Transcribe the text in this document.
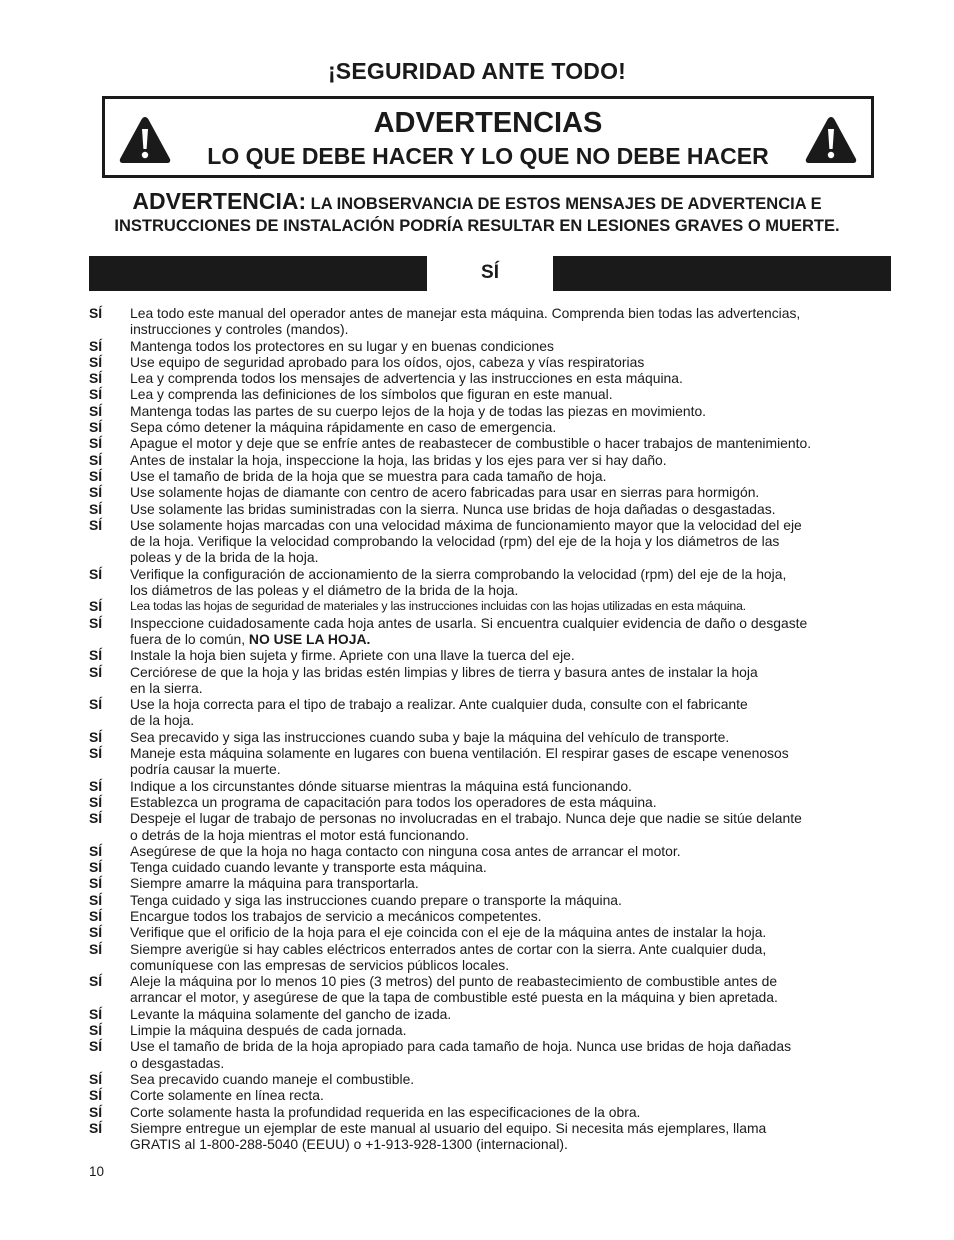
¡SEGURIDAD ANTE TODO!
ADVERTENCIAS
LO QUE DEBE HACER Y LO QUE NO DEBE HACER
ADVERTENCIA: LA INOBSERVANCIA DE ESTOS MENSAJES DE ADVERTENCIA E
INSTRUCCIONES DE INSTALACIÓN PODRÍA RESULTAR EN LESIONES GRAVES O MUERTE.
SÍ
SÍ	Lea todo este manual del operador antes de manejar esta máquina. Comprenda bien todas las advertencias,
instrucciones y controles (mandos).
SÍ	Mantenga todos los protectores en su lugar y en buenas condiciones
SÍ	Use equipo de seguridad aprobado para los oídos, ojos, cabeza y vías respiratorias
SÍ	Lea y comprenda todos los mensajes de advertencia y las instrucciones en esta máquina.
SÍ	Lea y comprenda las definiciones de los símbolos que figuran en este manual.
SÍ	Mantenga todas las partes de su cuerpo lejos de la hoja y de todas las piezas en movimiento.
SÍ	Sepa cómo detener la máquina rápidamente en caso de emergencia.
SÍ	Apague el motor y deje que se enfríe antes de reabastecer de combustible o hacer trabajos de mantenimiento.
SÍ	Antes de instalar la hoja, inspeccione la hoja, las bridas y los ejes para ver si hay daño.
SÍ	Use el tamaño de brida de la hoja que se muestra para cada tamaño de hoja.
SÍ	Use solamente hojas de diamante con centro de acero fabricadas para usar en sierras para hormigón.
SÍ	Use solamente las bridas suministradas con la sierra. Nunca use bridas de hoja dañadas o desgastadas.
SÍ	Use solamente hojas marcadas con una velocidad máxima de funcionamiento mayor que la velocidad del eje
de la hoja. Verifique la velocidad comprobando la velocidad (rpm) del eje de la hoja y los diámetros de las
poleas y de la brida de la hoja.
SÍ	Verifique la configuración de accionamiento de la sierra comprobando la velocidad (rpm) del eje de la hoja,
los diámetros de las poleas y el diámetro de la brida de la hoja.
SÍ	Lea todas las hojas de seguridad de materiales y las instrucciones incluidas con las hojas utilizadas en esta máquina.
SÍ	Inspeccione cuidadosamente cada hoja antes de usarla. Si encuentra cualquier evidencia de daño o desgaste
fuera de lo común, NO USE LA HOJA.
SÍ	Instale la hoja bien sujeta y firme. Apriete con una llave la tuerca del eje.
SÍ	Cerciórese de que la hoja y las bridas estén limpias y libres de tierra y basura antes de instalar la hoja
en la sierra.
SÍ	Use la hoja correcta para el tipo de trabajo a realizar. Ante cualquier duda, consulte con el fabricante
de la hoja.
SÍ	Sea precavido y siga las instrucciones cuando suba y baje la máquina del vehículo de transporte.
SÍ	Maneje esta máquina solamente en lugares con buena ventilación. El respirar gases de escape venenosos
podría causar la muerte.
SÍ	Indique a los circunstantes dónde situarse mientras la máquina está funcionando.
SÍ	Establezca un programa de capacitación para todos los operadores de esta máquina.
SÍ	Despeje el lugar de trabajo de personas no involucradas en el trabajo. Nunca deje que nadie se sitúe delante
o detrás de la hoja mientras el motor está funcionando.
SÍ	Asegúrese de que la hoja no haga contacto con ninguna cosa antes de arrancar el motor.
SÍ	Tenga cuidado cuando levante y transporte esta máquina.
SÍ	Siempre amarre la máquina para transportarla.
SÍ	Tenga cuidado y siga las instrucciones cuando prepare o transporte la máquina.
SÍ	Encargue todos los trabajos de servicio a mecánicos competentes.
SÍ	Verifique que el orificio de la hoja para el eje coincida con el eje de la máquina antes de instalar la hoja.
SÍ	Siempre averigüe si hay cables eléctricos enterrados antes de cortar con la sierra. Ante cualquier duda,
comuníquese con las empresas de servicios públicos locales.
SÍ	Aleje la máquina por lo menos 10 pies (3 metros) del punto de reabastecimiento de combustible antes de
arrancar el motor, y asegúrese de que la tapa de combustible esté puesta en la máquina y bien apretada.
SÍ	Levante la máquina solamente del gancho de izada.
SÍ	Limpie la máquina después de cada jornada.
SÍ	Use el tamaño de brida de la hoja apropiado para cada tamaño de hoja. Nunca use bridas de hoja dañadas
o desgastadas.
SÍ	Sea precavido cuando maneje el combustible.
SÍ	Corte solamente en línea recta.
SÍ	Corte solamente hasta la profundidad requerida en las especificaciones de la obra.
SÍ	Siempre entregue un ejemplar de este manual al usuario del equipo. Si necesita más ejemplares, llama
GRATIS al 1-800-288-5040 (EEUU) o +1-913-928-1300 (internacional).
10
